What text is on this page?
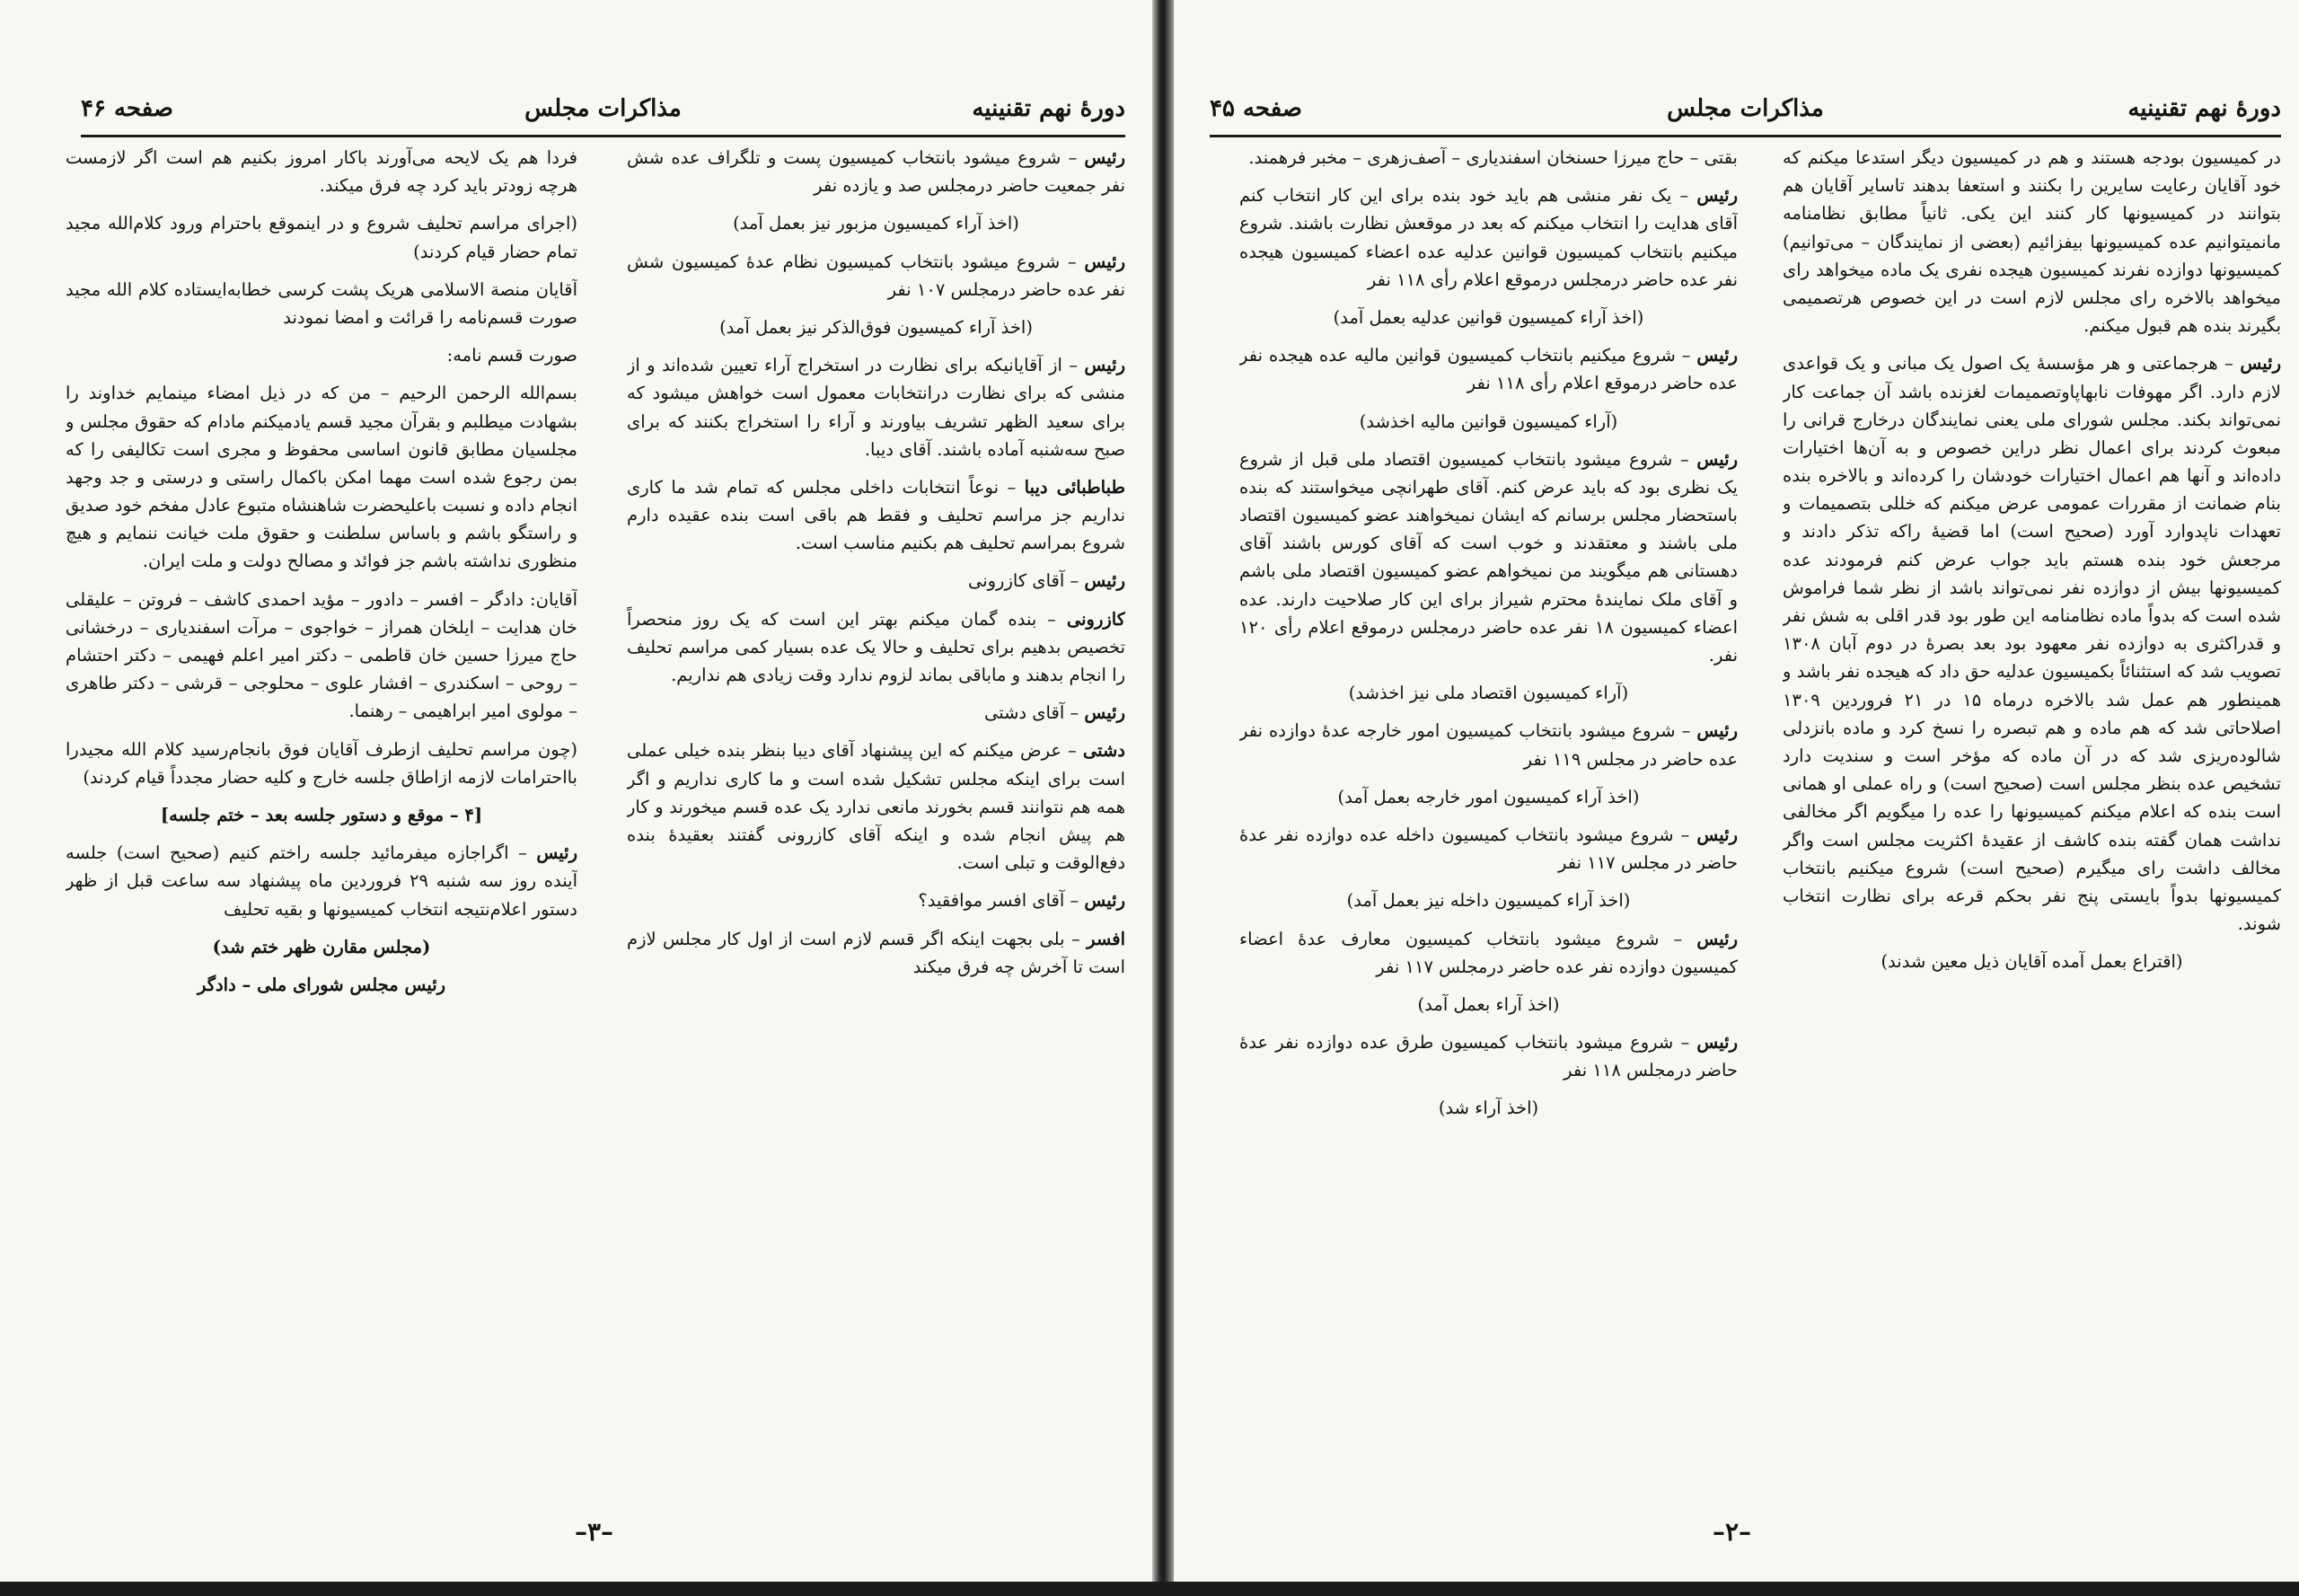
دورهٔ نهم تقنینیه
مذاکرات مجلس
صفحه ۴۶

رئیس – شروع میشود بانتخاب کمیسیون پست و تلگراف عده شش نفر جمعیت حاضر درمجلس صد و یازده نفر

(اخذ آراء کمیسیون مزبور نیز بعمل آمد)

رئیس – شروع میشود بانتخاب کمیسیون نظام عدهٔ کمیسیون شش نفر عده حاضر درمجلس ۱۰۷ نفر

(اخذ آراء کمیسیون فوق‌الذکر نیز بعمل آمد)

رئیس – از آقایانیکه برای نظارت در استخراج آراء تعیین شده‌اند و از منشی که برای نظارت درانتخابات معمول است خواهش میشود که برای سعید الظهر تشریف بیاورند و آراء را استخراج بکنند که برای صبح سه‌شنبه آماده باشند. آقای دیبا.

طباطبائی دیبا – نوعاً انتخابات داخلی مجلس که تمام شد ما کاری نداریم جز مراسم تحلیف و فقط هم باقی است بنده عقیده دارم شروع بمراسم تحلیف هم بکنیم مناسب است.

رئیس – آقای کازرونی

کازرونی – بنده گمان میکنم بهتر این است که یک روز منحصراً تخصیص بدهیم برای تحلیف و حالا یک عده بسیار کمی مراسم تحلیف را انجام بدهند و ماباقی بماند لزوم ندارد وقت زیادی هم نداریم.

رئیس – آقای دشتی

دشتی – عرض میکنم که این پیشنهاد آقای دیبا بنظر بنده خیلی عملی است برای اینکه مجلس تشکیل شده است و ما کاری نداریم و اگر همه هم نتوانند قسم بخورند مانعی ندارد یک عده قسم میخورند و کار هم پیش انجام شده و اینکه آقای کازرونی گفتند بعقیدهٔ بنده دفع‌الوقت و تبلی است.

رئیس – آقای افسر موافقید؟

افسر – بلی بجهت اینکه اگر قسم لازم است از اول کار مجلس لازم است تا آخرش چه فرق میکند

فردا هم یک لایحه می‌آورند باکار امروز بکنیم هم است اگر لازمست هرچه زودتر باید کرد چه فرق میکند.

(اجرای مراسم تحلیف شروع و در اینموقع باحترام ورود کلام‌الله مجید تمام حضار قیام کردند)

آقایان منصة الاسلامی هریک پشت کرسی خطابه‌ایستاده کلام الله مجید صورت قسم‌نامه را قرائت و امضا نمودند

صورت قسم نامه:

بسم‌الله الرحمن الرحیم – من که در ذیل امضاء مینمایم خداوند را بشهادت میطلبم و بقرآن مجید قسم یادمیکنم مادام که حقوق مجلس و مجلسیان مطابق قانون اساسی محفوظ و مجری است تکالیفی را که بمن رجوع شده است مهما امکن باکمال راستی و درستی و جد وجهد انجام داده و نسبت باعلیحضرت شاهنشاه متبوع عادل مفخم خود صدیق و راستگو باشم و باساس سلطنت و حقوق ملت خیانت ننمایم و هیچ منظوری نداشته باشم جز فوائد و مصالح دولت و ملت ایران.

آقایان: دادگر – افسر – دادور – مؤید احمدی کاشف – فروتن – علیقلی خان هدایت – ایلخان همراز – خواجوی – مرآت اسفندیاری – درخشانی حاج میرزا حسین خان قاطمی – دکتر امیر اعلم فهیمی – دکتر احتشام – روحی – اسکندری – افشار علوی – محلوجی – قرشی – دکتر طاهری – مولوی امیر ابراهیمی – رهنما.

(چون مراسم تحلیف ازطرف آقایان فوق بانجام‌رسید کلام الله مجیدرا بااحترامات لازمه ازاطاق جلسه خارج و کلیه حضار مجدداً قیام کردند)

[۴ – موقع و دستور جلسه بعد – ختم جلسه]

رئیس – اگراجازه میفرمائید جلسه راختم کنیم (صحیح است) جلسه آینده روز سه شنبه ۲۹ فروردین ماه پیشنهاد سه ساعت قبل از ظهر دستور اعلام‌نتیجه انتخاب کمیسیونها و بقیه تحلیف

(مجلس مقارن ظهر ختم شد)

رئیس مجلس شورای ملی – دادگر

–۳–
دورهٔ نهم تقنینیه
مذاکرات مجلس
صفحه ۴۵

در کمیسیون بودجه هستند و هم در کمیسیون دیگر استدعا میکنم که خود آقایان رعایت سایرین را بکنند و استعفا بدهند تاسایر آقایان هم بتوانند در کمیسیونها کار کنند این یکی. ثانیاً مطابق نظامنامه مانمیتوانیم عده کمیسیونها بیفزائیم (بعضی از نمایندگان – می‌توانیم) کمیسیونها دوازده نفرند کمیسیون هیجده نفری یک ماده میخواهد رای میخواهد بالاخره رای مجلس لازم است در این خصوص هرتصمیمی بگیرند بنده هم قبول میکنم.

رئیس – هرجماعتی و هر مؤسسهٔ یک اصول یک مبانی و یک قواعدی لازم دارد. اگر مهوفات نابهاپاوتصمیمات لغزنده باشد آن جماعت کار نمی‌تواند بکند. مجلس شورای ملی یعنی نمایندگان درخارج قرانی را مبعوث کردند برای اعمال نظر دراین خصوص و به آن‌ها اختیارات داده‌اند و آنها هم اعمال اختیارات خودشان را کرده‌اند و بالاخره بنده بنام ضمانت از مقررات عمومی عرض میکنم که خللی بتصمیمات و تعهدات ناپدوارد آورد (صحیح است) اما قضیهٔ راکه تذکر دادند و مرجعش خود بنده هستم باید جواب عرض کنم فرمودند عده کمیسیونها بیش از دوازده نفر نمی‌تواند باشد از نظر شما فراموش شده است که بدواً ماده نظامنامه این طور بود قدر اقلی به شش نفر و قدراکثری به دوازده نفر معهود بود بعد بصرهٔ در دوم آبان ۱۳۰۸ تصویب شد که استثنائاً بکمیسیون عدلیه حق داد که هیجده نفر باشد و همینطور هم عمل شد بالاخره درماه ۱۵ در ۲۱ فروردین ۱۳۰۹ اصلاحاتی شد که هم ماده و هم تبصره را نسخ کرد و ماده بانزدلی شالوده‌ریزی شد که در آن ماده که مؤخر است و سندیت دارد تشخیص عده بنظر مجلس است (صحیح است) و راه عملی او همانی است بنده که اعلام میکنم کمیسیونها را عده را میگویم اگر مخالفی نداشت همان گفته بنده کاشف از عقیدهٔ اکثریت مجلس است واگر مخالف داشت رای میگیرم (صحیح است) شروع میکنیم بانتخاب کمیسیونها بدواً بایستی پنج نفر بحکم قرعه برای نظارت انتخاب شوند.

(اقتراع بعمل آمده آقایان ذیل معین شدند)

بقتی – حاج میرزا حسنخان اسفندیاری – آصف‌زهری – مخبر فرهمند.

رئیس – یک نفر منشی هم باید خود بنده برای این کار انتخاب کنم آقای هدایت را انتخاب میکنم که بعد در موقعش نظارت باشند. شروع میکنیم بانتخاب کمیسیون قوانین عدلیه عده اعضاء کمیسیون هیجده نفر عده حاضر درمجلس درموقع اعلام رأی ۱۱۸ نفر

(اخذ آراء کمیسیون قوانین عدلیه بعمل آمد)

رئیس – شروع میکنیم بانتخاب کمیسیون قوانین مالیه عده هیجده نفر عده حاضر درموقع اعلام رأی ۱۱۸ نفر

(آراء کمیسیون قوانین مالیه اخذشد)

رئیس – شروع میشود بانتخاب کمیسیون اقتصاد ملی قبل از شروع یک نظری بود که باید عرض کنم. آقای طهرانچی میخواستند که بنده باستحضار مجلس برسانم که ایشان نمیخواهند عضو کمیسیون اقتصاد ملی باشند و معتقدند و خوب است که آقای کورس باشند آقای دهستانی هم میگویند من نمیخواهم عضو کمیسیون اقتصاد ملی باشم و آقای ملک نمایندهٔ محترم شیراز برای این کار صلاحیت دارند. عده اعضاء کمیسیون ۱۸ نفر عده حاضر درمجلس درموقع اعلام رأی ۱۲۰ نفر.

(آراء کمیسیون اقتصاد ملی نیز اخذشد)

رئیس – شروع میشود بانتخاب کمیسیون امور خارجه عدهٔ دوازده نفر عده حاضر در مجلس ۱۱۹ نفر

(اخذ آراء کمیسیون امور خارجه بعمل آمد)

رئیس – شروع میشود بانتخاب کمیسیون داخله عده دوازده نفر عدهٔ حاضر در مجلس ۱۱۷ نفر

(اخذ آراء کمیسیون داخله نیز بعمل آمد)

رئیس – شروع میشود بانتخاب کمیسیون معارف عدهٔ اعضاء کمیسیون دوازده نفر عده حاضر درمجلس ۱۱۷ نفر

(اخذ آراء بعمل آمد)

رئیس – شروع میشود بانتخاب کمیسیون طرق عده دوازده نفر عدهٔ حاضر درمجلس ۱۱۸ نفر

(اخذ آراء شد)

–۲–
